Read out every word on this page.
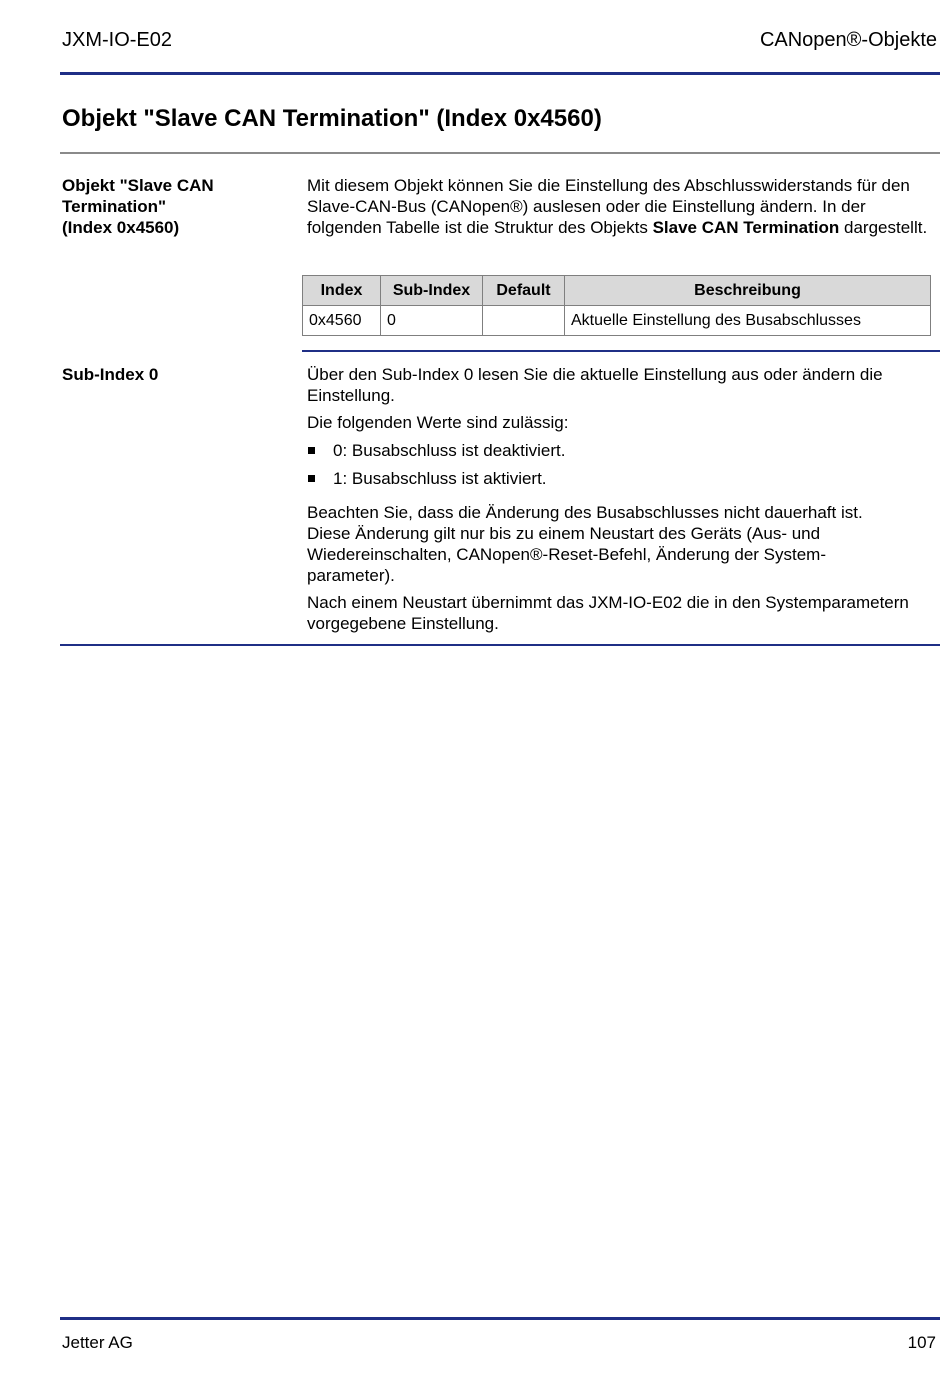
JXM-IO-E02	CANopen®-Objekte
Objekt "Slave CAN Termination" (Index 0x4560)
Objekt "Slave CAN
Termination"
(Index 0x4560)

Mit diesem Objekt können Sie die Einstellung des Abschlusswiderstands für den Slave-CAN-Bus (CANopen®) auslesen oder die Einstellung ändern. In der folgenden Tabelle ist die Struktur des Objekts Slave CAN Termination dargestellt.

Index	Sub-Index	Default	Beschreibung
0x4560	0		Aktuelle Einstellung des Busabschlusses
Sub-Index 0	Über den Sub-Index 0 lesen Sie die aktuelle Einstellung aus oder ändern die Einstellung.

Die folgenden Werte sind zulässig:

0: Busabschluss ist deaktiviert.
1: Busabschluss ist aktiviert.

Beachten Sie, dass die Änderung des Busabschlusses nicht dauerhaft ist.
Diese Änderung gilt nur bis zu einem Neustart des Geräts (Aus- und
Wiedereinschalten, CANopen®-Reset-Befehl, Änderung der System-
parameter).

Nach einem Neustart übernimmt das JXM-IO-E02 die in den Systemparametern vorgegebene Einstellung.

Jetter AG	107
